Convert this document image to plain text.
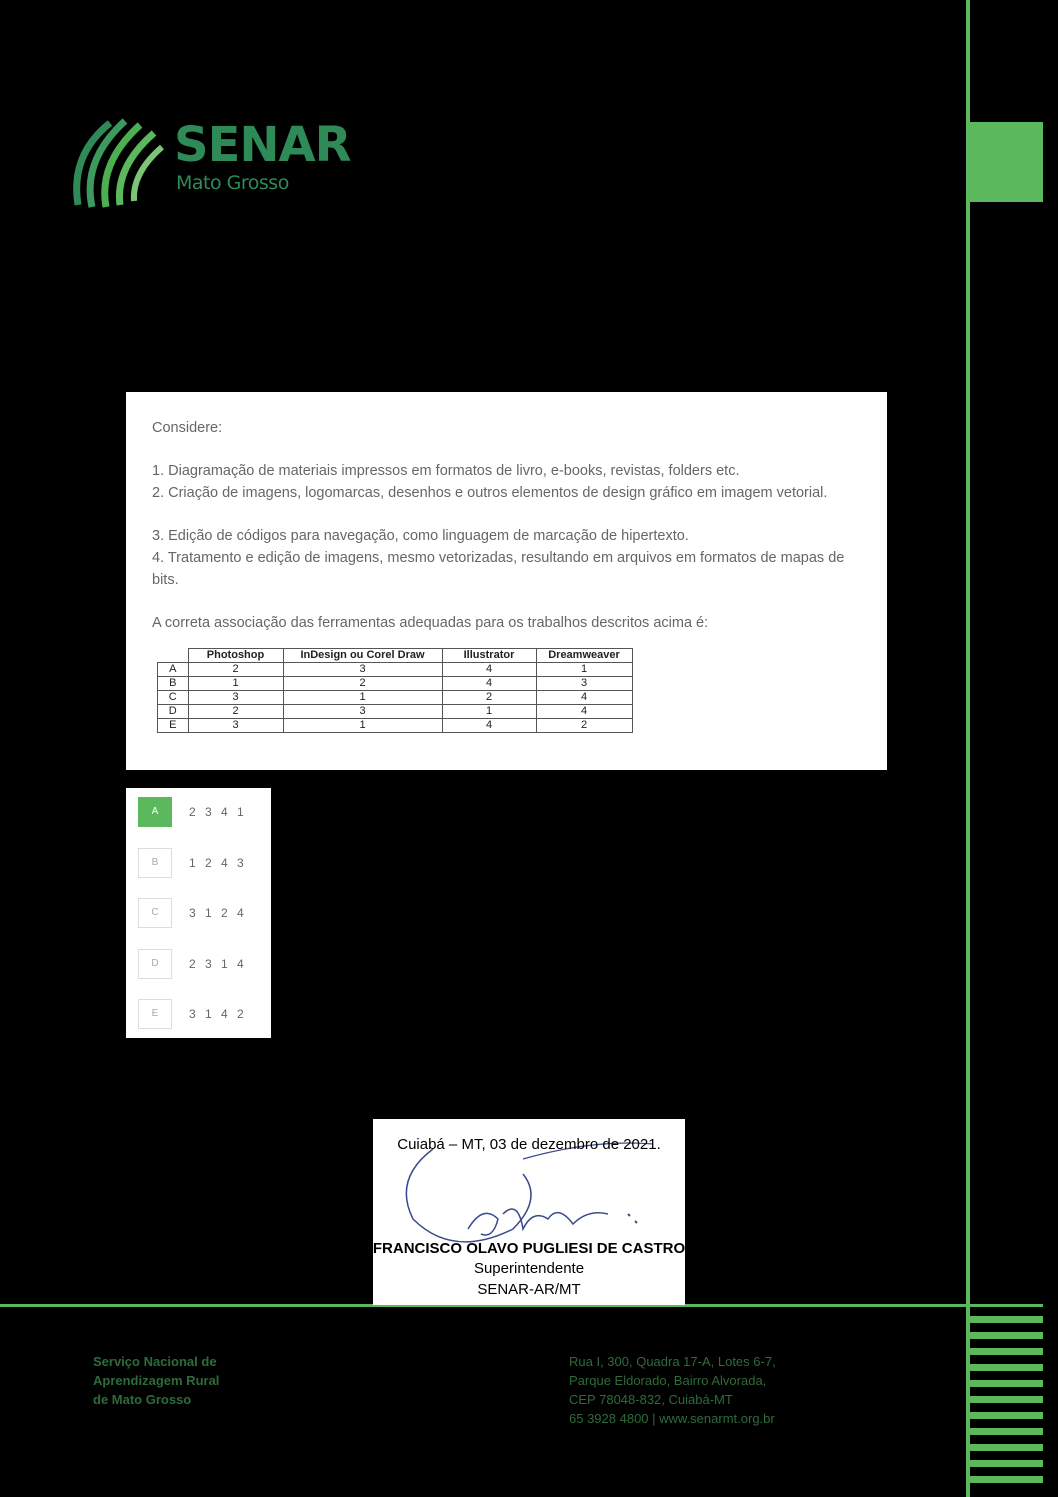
SENAR
Mato Grosso
Considere:
1. Diagramação de materiais impressos em formatos de livro, e-books, revistas, folders etc.
2. Criação de imagens, logomarcas, desenhos e outros elementos de design gráfico em imagem vetorial.
3. Edição de códigos para navegação, como linguagem de marcação de hipertexto.
4. Tratamento e edição de imagens, mesmo vetorizadas, resultando em arquivos em formatos de mapas de bits.
A correta associação das ferramentas adequadas para os trabalhos descritos acima é:
	Photoshop	InDesign ou Corel Draw	Illustrator	Dreamweaver
A	2	3	4	1
B	1	2	4	3
C	3	1	2	4
D	2	3	1	4
E	3	1	4	2
A	2 3 4 1
B	1 2 4 3
C	3 1 2 4
D	2 3 1 4
E	3 1 4 2
Cuiabá – MT, 03 de dezembro de 2021.
FRANCISCO OLAVO PUGLIESI DE CASTRO
Superintendente
SENAR-AR/MT
Serviço Nacional de
Aprendizagem Rural
de Mato Grosso
Rua I, 300, Quadra 17-A, Lotes 6-7,
Parque Eldorado, Bairro Alvorada,
CEP 78048-832, Cuiabá-MT
65 3928 4800 | www.senarmt.org.br
